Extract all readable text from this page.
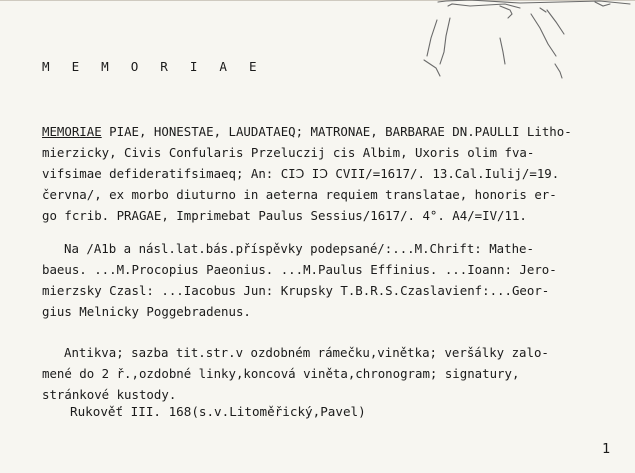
M E M O R I A E
MEMORIAE PIAE, HONESTAE, LAUDATAEQ; MATRONAE, BARBARAE DN.PAULLI Litho-
mierzicky, Civis Confularis Przeluczij cis Albim, Uxoris olim fva-
vifsimae defideratifsimaeq; An: CIↃ IↃ CVII/=1617/. 13.Cal.Iulij/=19.
června/, ex morbo diuturno in aeterna requiem translatae, honoris er-
go fcrib. PRAGAE, Imprimebat Paulus Sessius/1617/. 4°. A4/=IV/11.
Na /A1b a násl.lat.bás.příspěvky podepsané/:...M.Chrift: Mathe-
baeus. ...M.Procopius Paeonius. ...M.Paulus Effinius. ...Ioann: Jero-
mierzsky Czasl: ...Iacobus Jun: Krupsky T.B.R.S.Czaslavienf:...Geor-
gius Melnicky Poggebradenus.
Antikva; sazba tit.str.v ozdobném rámečku,vinětka; veršálky zalo-
mené do 2 ř.,ozdobné linky,koncová viněta,chronogram; signatury,
stránkové kustody.
Rukověť III. 168(s.v.Litoměřický,Pavel)
1
